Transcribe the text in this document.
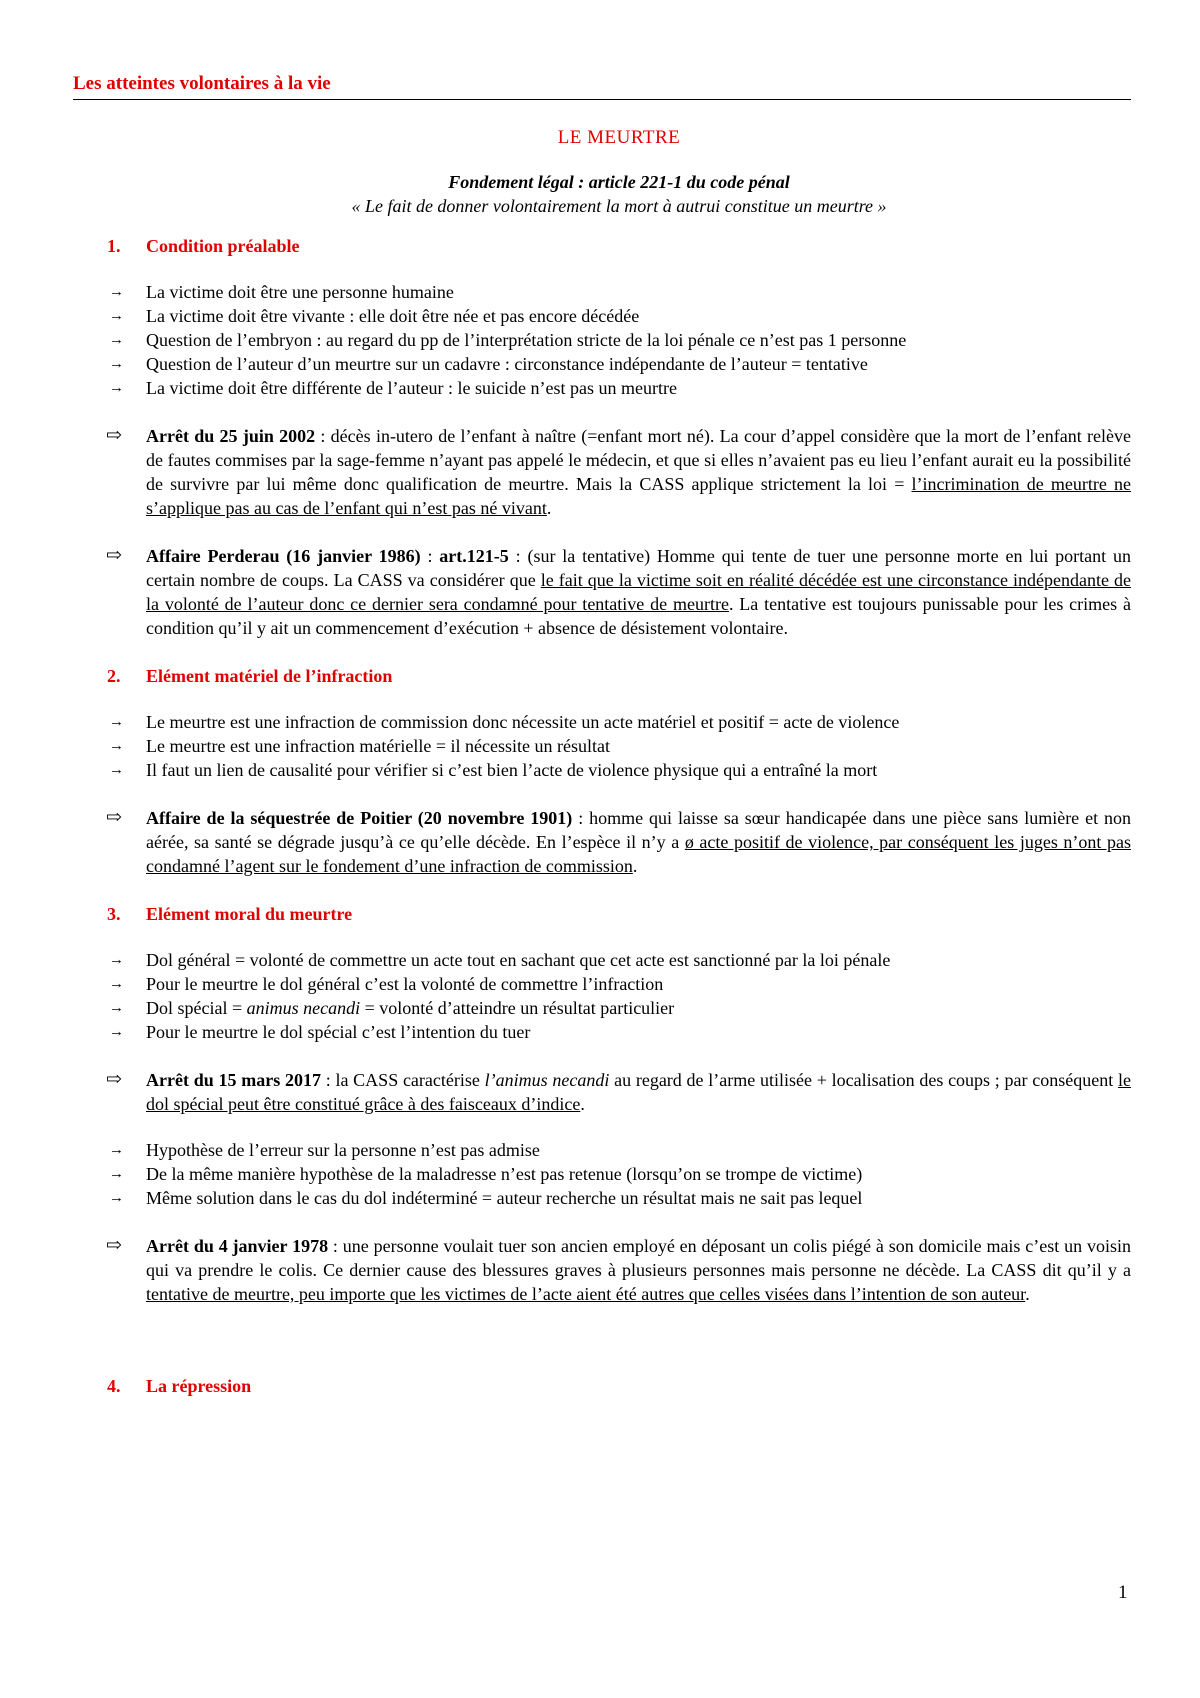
Les atteintes volontaires à la vie

LE MEURTRE

Fondement légal : article 221-1 du code pénal

« Le fait de donner volontairement la mort à autrui constitue un meurtre »

1. Condition préalable

→ La victime doit être une personne humaine
→ La victime doit être vivante : elle doit être née et pas encore décédée
→ Question de l’embryon : au regard du pp de l’interprétation stricte de la loi pénale ce n’est pas 1 personne
→ Question de l’auteur d’un meurtre sur un cadavre : circonstance indépendante de l’auteur = tentative
→ La victime doit être différente de l’auteur : le suicide n’est pas un meurtre

⇨ Arrêt du 25 juin 2002 : décès in-utero de l’enfant à naître (=enfant mort né). La cour d’appel considère que la mort de l’enfant relève de fautes commises par la sage-femme n’ayant pas appelé le médecin, et que si elles n’avaient pas eu lieu l’enfant aurait eu la possibilité de survivre par lui même donc qualification de meurtre. Mais la CASS applique strictement la loi = l’incrimination de meurtre ne s’applique pas au cas de l’enfant qui n’est pas né vivant.

⇨ Affaire Perderau (16 janvier 1986) : art.121-5 : (sur la tentative) Homme qui tente de tuer une personne morte en lui portant un certain nombre de coups. La CASS va considérer que le fait que la victime soit en réalité décédée est une circonstance indépendante de la volonté de l’auteur donc ce dernier sera condamné pour tentative de meurtre. La tentative est toujours punissable pour les crimes à condition qu’il y ait un commencement d’exécution + absence de désistement volontaire.

2. Elément matériel de l’infraction

→ Le meurtre est une infraction de commission donc nécessite un acte matériel et positif = acte de violence
→ Le meurtre est une infraction matérielle = il nécessite un résultat
→ Il faut un lien de causalité pour vérifier si c’est bien l’acte de violence physique qui a entraîné la mort

⇨ Affaire de la séquestrée de Poitier (20 novembre 1901) : homme qui laisse sa sœur handicapée dans une pièce sans lumière et non aérée, sa santé se dégrade jusqu’à ce qu’elle décède. En l’espèce il n’y a ø acte positif de violence, par conséquent les juges n’ont pas condamné l’agent sur le fondement d’une infraction de commission.

3. Elément moral du meurtre

→ Dol général = volonté de commettre un acte tout en sachant que cet acte est sanctionné par la loi pénale
→ Pour le meurtre le dol général c’est la volonté de commettre l’infraction
→ Dol spécial = animus necandi = volonté d’atteindre un résultat particulier
→ Pour le meurtre le dol spécial c’est l’intention du tuer

⇨ Arrêt du 15 mars 2017 : la CASS caractérise l’animus necandi au regard de l’arme utilisée + localisation des coups ; par conséquent le dol spécial peut être constitué grâce à des faisceaux d’indice.

→ Hypothèse de l’erreur sur la personne n’est pas admise
→ De la même manière hypothèse de la maladresse n’est pas retenue (lorsqu’on se trompe de victime)
→ Même solution dans le cas du dol indéterminé = auteur recherche un résultat mais ne sait pas lequel

⇨ Arrêt du 4 janvier 1978 : une personne voulait tuer son ancien employé en déposant un colis piégé à son domicile mais c’est un voisin qui va prendre le colis. Ce dernier cause des blessures graves à plusieurs personnes mais personne ne décède. La CASS dit qu’il y a tentative de meurtre, peu importe que les victimes de l’acte aient été autres que celles visées dans l’intention de son auteur.

4. La répression

1
